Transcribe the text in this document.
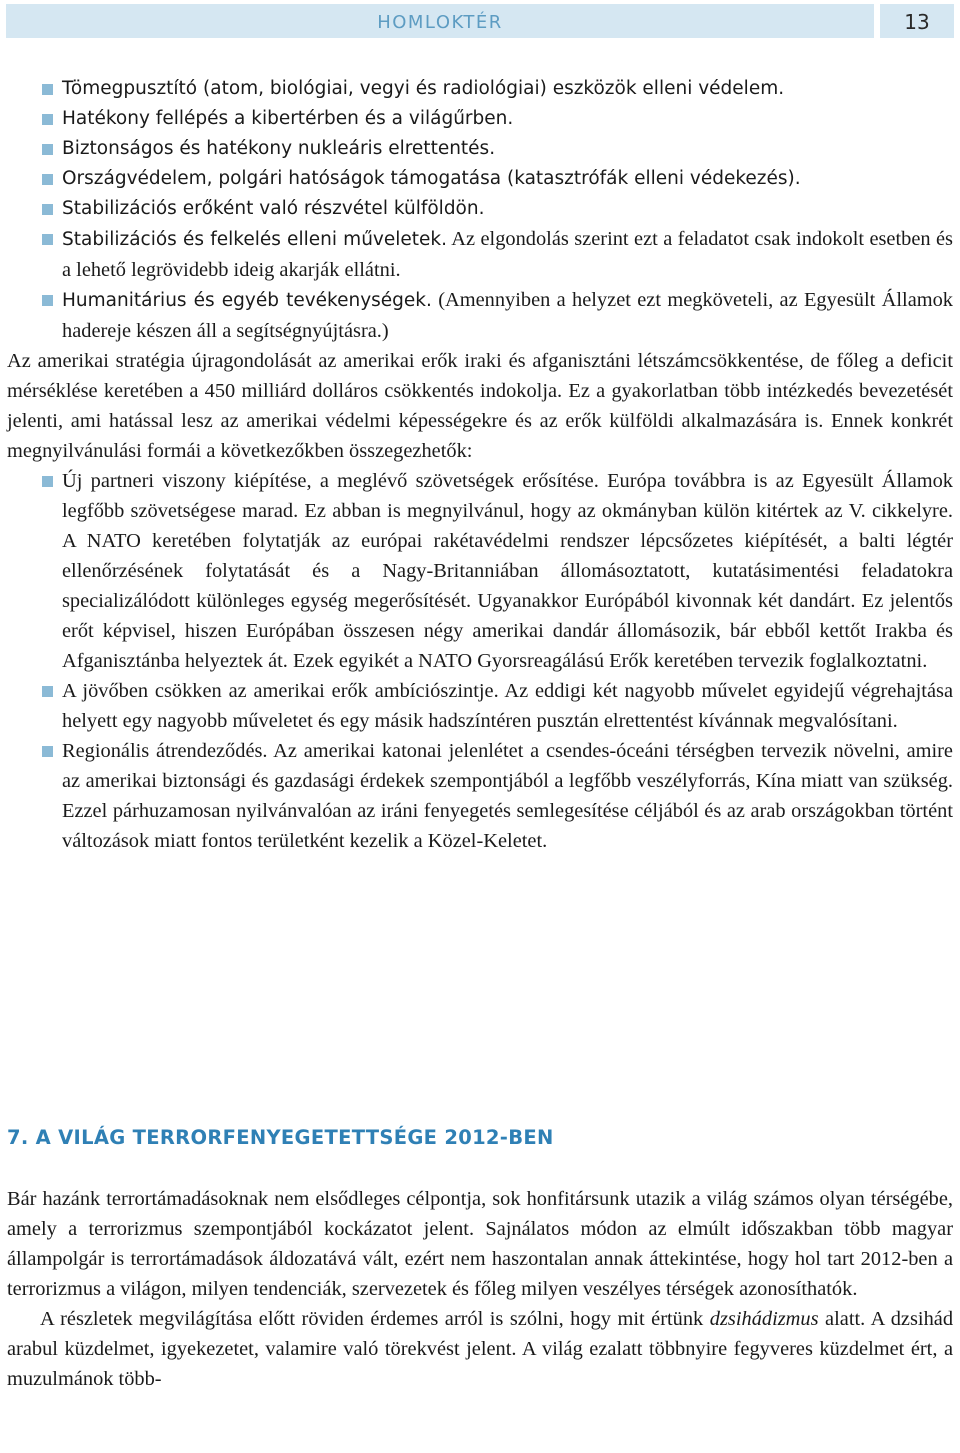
HOMLOKTÉR	13

Tömegpusztító (atom, biológiai, vegyi és radiológiai) eszközök elleni védelem.

Hatékony fellépés a kibertérben és a világűrben.

Biztonságos és hatékony nukleáris elrettentés.

Országvédelem, polgári hatóságok támogatása (katasztrófák elleni védekezés).

Stabilizációs erőként való részvétel külföldön.

Stabilizációs és felkelés elleni műveletek. Az elgondolás szerint ezt a feladatot csak indokolt esetben és a lehető legrövidebb ideig akarják ellátni.

Humanitárius és egyéb tevékenységek. (Amennyiben a helyzet ezt megköveteli, az Egyesült Államok hadereje készen áll a segítségnyújtásra.)

Az amerikai stratégia újragondolását az amerikai erők iraki és afganisztáni létszámcsökkentése, de főleg a deficit mérséklése keretében a 450 milliárd dolláros csökkentés indokolja. Ez a gyakorlatban több intézkedés bevezetését jelenti, ami hatással lesz az amerikai védelmi képességekre és az erők külföldi alkalmazására is. Ennek konkrét megnyilvánulási formái a következőkben összegezhetők:

Új partneri viszony kiépítése, a meglévő szövetségek erősítése. Európa továbbra is az Egyesült Államok legfőbb szövetségese marad. Ez abban is megnyilvánul, hogy az okmányban külön kitértek az V. cikkelyre. A NATO keretében folytatják az európai rakétavédelmi rendszer lépcsőzetes kiépítését, a balti légtér ellenőrzésének folytatását és a Nagy-Britanniában állomásoztatott, kutatásimentési feladatokra specializálódott különleges egység megerősítését. Ugyanakkor Európából kivonnak két dandárt. Ez jelentős erőt képvisel, hiszen Európában összesen négy amerikai dandár állomásozik, bár ebből kettőt Irakba és Afganisztánba helyeztek át. Ezek egyikét a NATO Gyorsreagálású Erők keretében tervezik foglalkoztatni.

A jövőben csökken az amerikai erők ambíciószintje. Az eddigi két nagyobb művelet egyidejű végrehajtása helyett egy nagyobb műveletet és egy másik hadszíntéren pusztán elrettentést kívánnak megvalósítani.

Regionális átrendeződés. Az amerikai katonai jelenlétet a csendes-óceáni térségben tervezik növelni, amire az amerikai biztonsági és gazdasági érdekek szempontjából a legfőbb veszélyforrás, Kína miatt van szükség. Ezzel párhuzamosan nyilvánvalóan az iráni fenyegetés semlegesítése céljából és az arab országokban történt változások miatt fontos területként kezelik a Közel-Keletet.

7. A VILÁG TERRORFENYEGETETTSÉGE 2012-BEN

Bár hazánk terrortámadásoknak nem elsődleges célpontja, sok honfitársunk utazik a világ számos olyan térségébe, amely a terrorizmus szempontjából kockázatot jelent. Sajnálatos módon az elmúlt időszakban több magyar állampolgár is terrortámadások áldozatává vált, ezért nem haszontalan annak áttekintése, hogy hol tart 2012-ben a terrorizmus a világon, milyen tendenciák, szervezetek és főleg milyen veszélyes térségek azonosíthatók.

A részletek megvilágítása előtt röviden érdemes arról is szólni, hogy mit értünk dzsihádizmus alatt. A dzsihád arabul küzdelmet, igyekezetet, valamire való törekvést jelent. A világ ezalatt többnyire fegyveres küzdelmet ért, a muzulmánok több-
